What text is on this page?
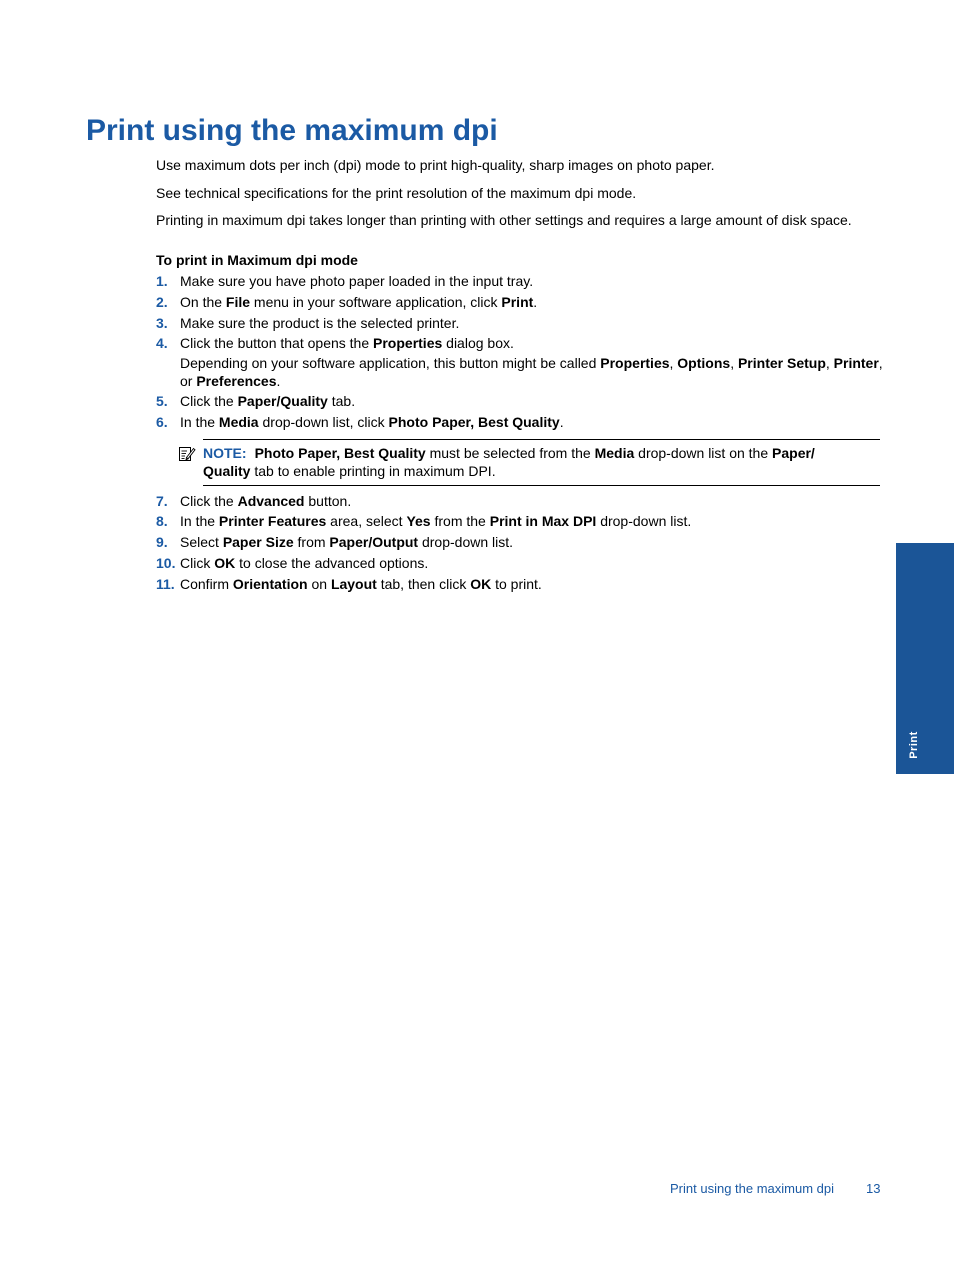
Print using the maximum dpi

Use maximum dots per inch (dpi) mode to print high-quality, sharp images on photo paper.

See technical specifications for the print resolution of the maximum dpi mode.

Printing in maximum dpi takes longer than printing with other settings and requires a large amount of disk space.

To print in Maximum dpi mode

1. Make sure you have photo paper loaded in the input tray.
2. On the File menu in your software application, click Print.
3. Make sure the product is the selected printer.
4. Click the button that opens the Properties dialog box.
Depending on your software application, this button might be called Properties, Options, Printer Setup, Printer, or Preferences.
5. Click the Paper/Quality tab.
6. In the Media drop-down list, click Photo Paper, Best Quality.
NOTE: Photo Paper, Best Quality must be selected from the Media drop-down list on the Paper/ Quality tab to enable printing in maximum DPI.
7. Click the Advanced button.
8. In the Printer Features area, select Yes from the Print in Max DPI drop-down list.
9. Select Paper Size from Paper/Output drop-down list.
10. Click OK to close the advanced options.
11. Confirm Orientation on Layout tab, then click OK to print.
Print
Print using the maximum dpi 13
